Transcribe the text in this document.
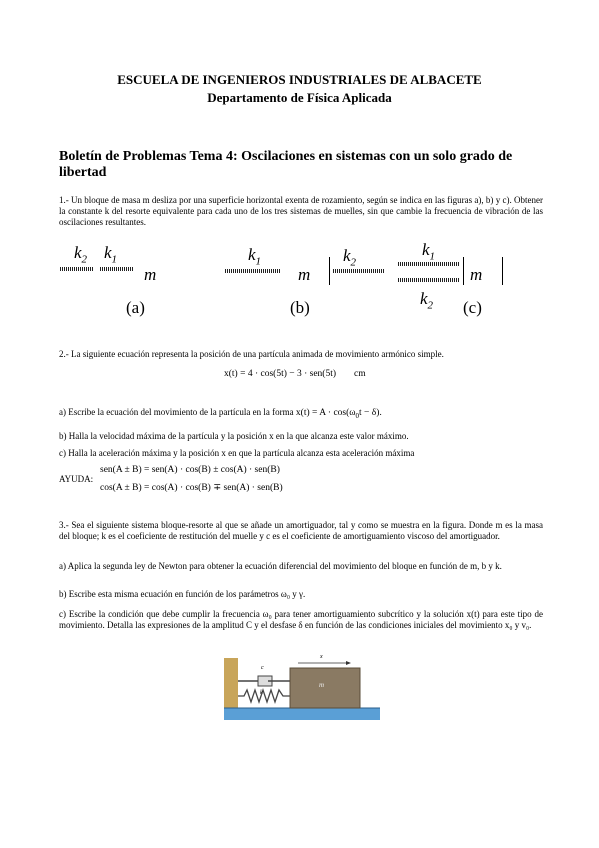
ESCUELA DE INGENIEROS INDUSTRIALES DE ALBACETE
Departamento de Física Aplicada
Boletín de Problemas Tema 4: Oscilaciones en sistemas con un solo grado de libertad
1.- Un bloque de masa m desliza por una superficie horizontal exenta de rozamiento, según se indica en las figuras a), b) y c). Obtener la constante k del resorte equivalente para cada uno de los tres sistemas de muelles, sin que cambie la frecuencia de vibración de las oscilaciones resultantes.
$k_2$ $k_1$
m
(a)
$k_1$
m
$k_2$
(b)
$k_1$
m
$k_2$ (c)
2.- La siguiente ecuación representa la posición de una partícula animada de movimiento armónico simple.
x(t) = 4 · cos(5t) − 3 · sen(5t) cm
a) Escribe la ecuación del movimiento de la partícula en la forma $x(t) = A \cdot \cos(\omega_0t - \delta)$.
b) Halla la velocidad máxima de la partícula y la posición x en la que alcanza este valor máximo.
c) Halla la aceleración máxima y la posición x en que la partícula alcanza esta aceleración máxima
AYUDA:
sen(A ± B) = sen(A) · cos(B) ± cos(A) · sen(B)
cos(A ± B) = cos(A) · cos(B) ∓ sen(A) · sen(B)
3.- Sea el siguiente sistema bloque-resorte al que se añade un amortiguador, tal y como se muestra en la figura. Donde m es la masa del bloque; k es el coeficiente de restitución del muelle y c es el coeficiente de amortiguamiento viscoso del amortiguador.
a) Aplica la segunda ley de Newton para obtener la ecuación diferencial del movimiento del bloque en función de m, b y k.
b) Escribe esta misma ecuación en función de los parámetros ω₀ y γ.
c) Escribe la condición que debe cumplir la frecuencia ω₀ para tener amortiguamiento subcrítico y la solución x(t) para este tipo de movimiento. Detalla las expresiones de la amplitud C y el desfase δ en función de las condiciones iniciales del movimiento x₀ y v₀.
c
k
x
m
